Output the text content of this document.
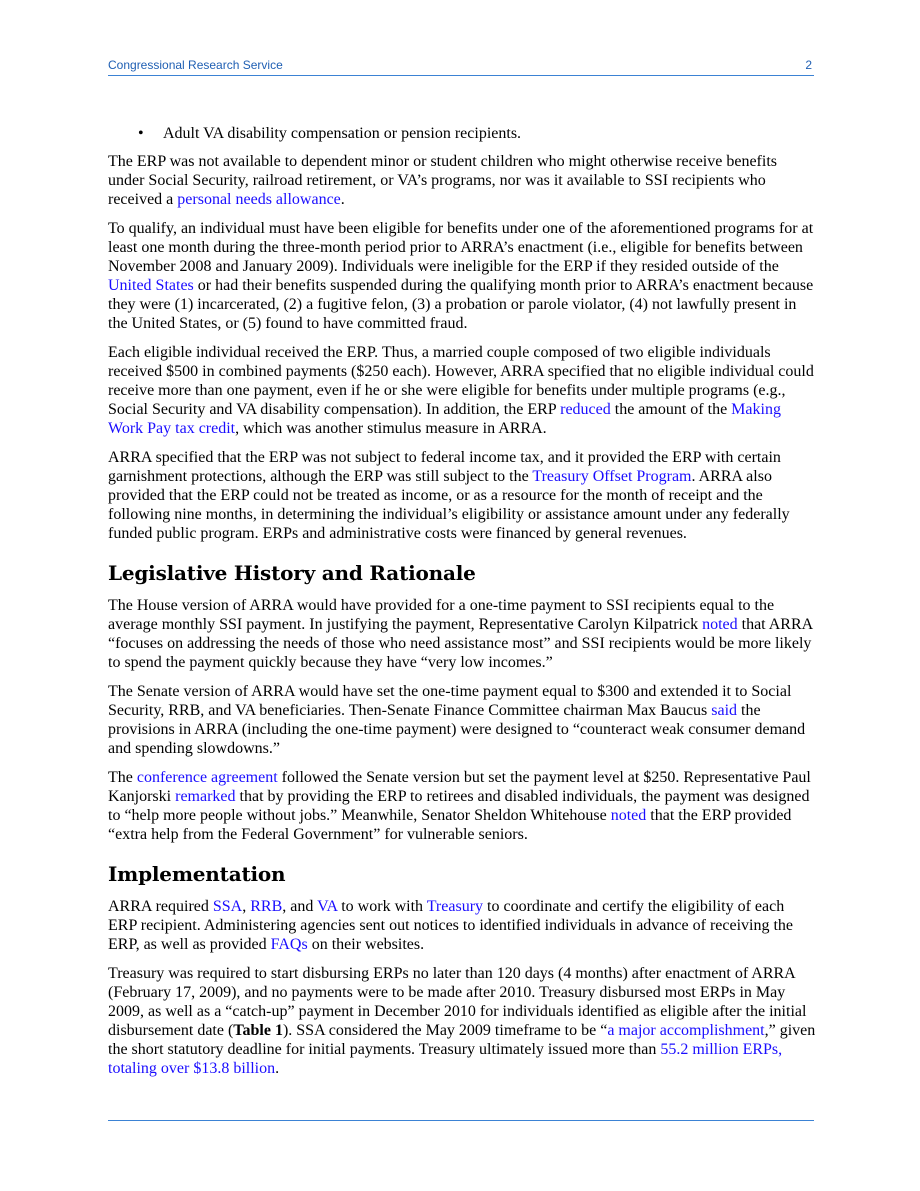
Congressional Research Service	2
•	Adult VA disability compensation or pension recipients.

The ERP was not available to dependent minor or student children who might otherwise receive benefits under Social Security, railroad retirement, or VA’s programs, nor was it available to SSI recipients who received a personal needs allowance.

To qualify, an individual must have been eligible for benefits under one of the aforementioned programs for at least one month during the three-month period prior to ARRA’s enactment (i.e., eligible for benefits between November 2008 and January 2009). Individuals were ineligible for the ERP if they resided outside of the United States or had their benefits suspended during the qualifying month prior to ARRA’s enactment because they were (1) incarcerated, (2) a fugitive felon, (3) a probation or parole violator, (4) not lawfully present in the United States, or (5) found to have committed fraud.

Each eligible individual received the ERP. Thus, a married couple composed of two eligible individuals received $500 in combined payments ($250 each). However, ARRA specified that no eligible individual could receive more than one payment, even if he or she were eligible for benefits under multiple programs (e.g., Social Security and VA disability compensation). In addition, the ERP reduced the amount of the Making Work Pay tax credit, which was another stimulus measure in ARRA.

ARRA specified that the ERP was not subject to federal income tax, and it provided the ERP with certain garnishment protections, although the ERP was still subject to the Treasury Offset Program. ARRA also provided that the ERP could not be treated as income, or as a resource for the month of receipt and the following nine months, in determining the individual’s eligibility or assistance amount under any federally funded public program. ERPs and administrative costs were financed by general revenues.

Legislative History and Rationale

The House version of ARRA would have provided for a one-time payment to SSI recipients equal to the average monthly SSI payment. In justifying the payment, Representative Carolyn Kilpatrick noted that ARRA “focuses on addressing the needs of those who need assistance most” and SSI recipients would be more likely to spend the payment quickly because they have “very low incomes.”

The Senate version of ARRA would have set the one-time payment equal to $300 and extended it to Social Security, RRB, and VA beneficiaries. Then-Senate Finance Committee chairman Max Baucus said the provisions in ARRA (including the one-time payment) were designed to “counteract weak consumer demand and spending slowdowns.”

The conference agreement followed the Senate version but set the payment level at $250. Representative Paul Kanjorski remarked that by providing the ERP to retirees and disabled individuals, the payment was designed to “help more people without jobs.” Meanwhile, Senator Sheldon Whitehouse noted that the ERP provided “extra help from the Federal Government” for vulnerable seniors.

Implementation

ARRA required SSA, RRB, and VA to work with Treasury to coordinate and certify the eligibility of each ERP recipient. Administering agencies sent out notices to identified individuals in advance of receiving the ERP, as well as provided FAQs on their websites.

Treasury was required to start disbursing ERPs no later than 120 days (4 months) after enactment of ARRA (February 17, 2009), and no payments were to be made after 2010. Treasury disbursed most ERPs in May 2009, as well as a “catch-up” payment in December 2010 for individuals identified as eligible after the initial disbursement date (Table 1). SSA considered the May 2009 timeframe to be “a major accomplishment,” given the short statutory deadline for initial payments. Treasury ultimately issued more than 55.2 million ERPs, totaling over $13.8 billion.
